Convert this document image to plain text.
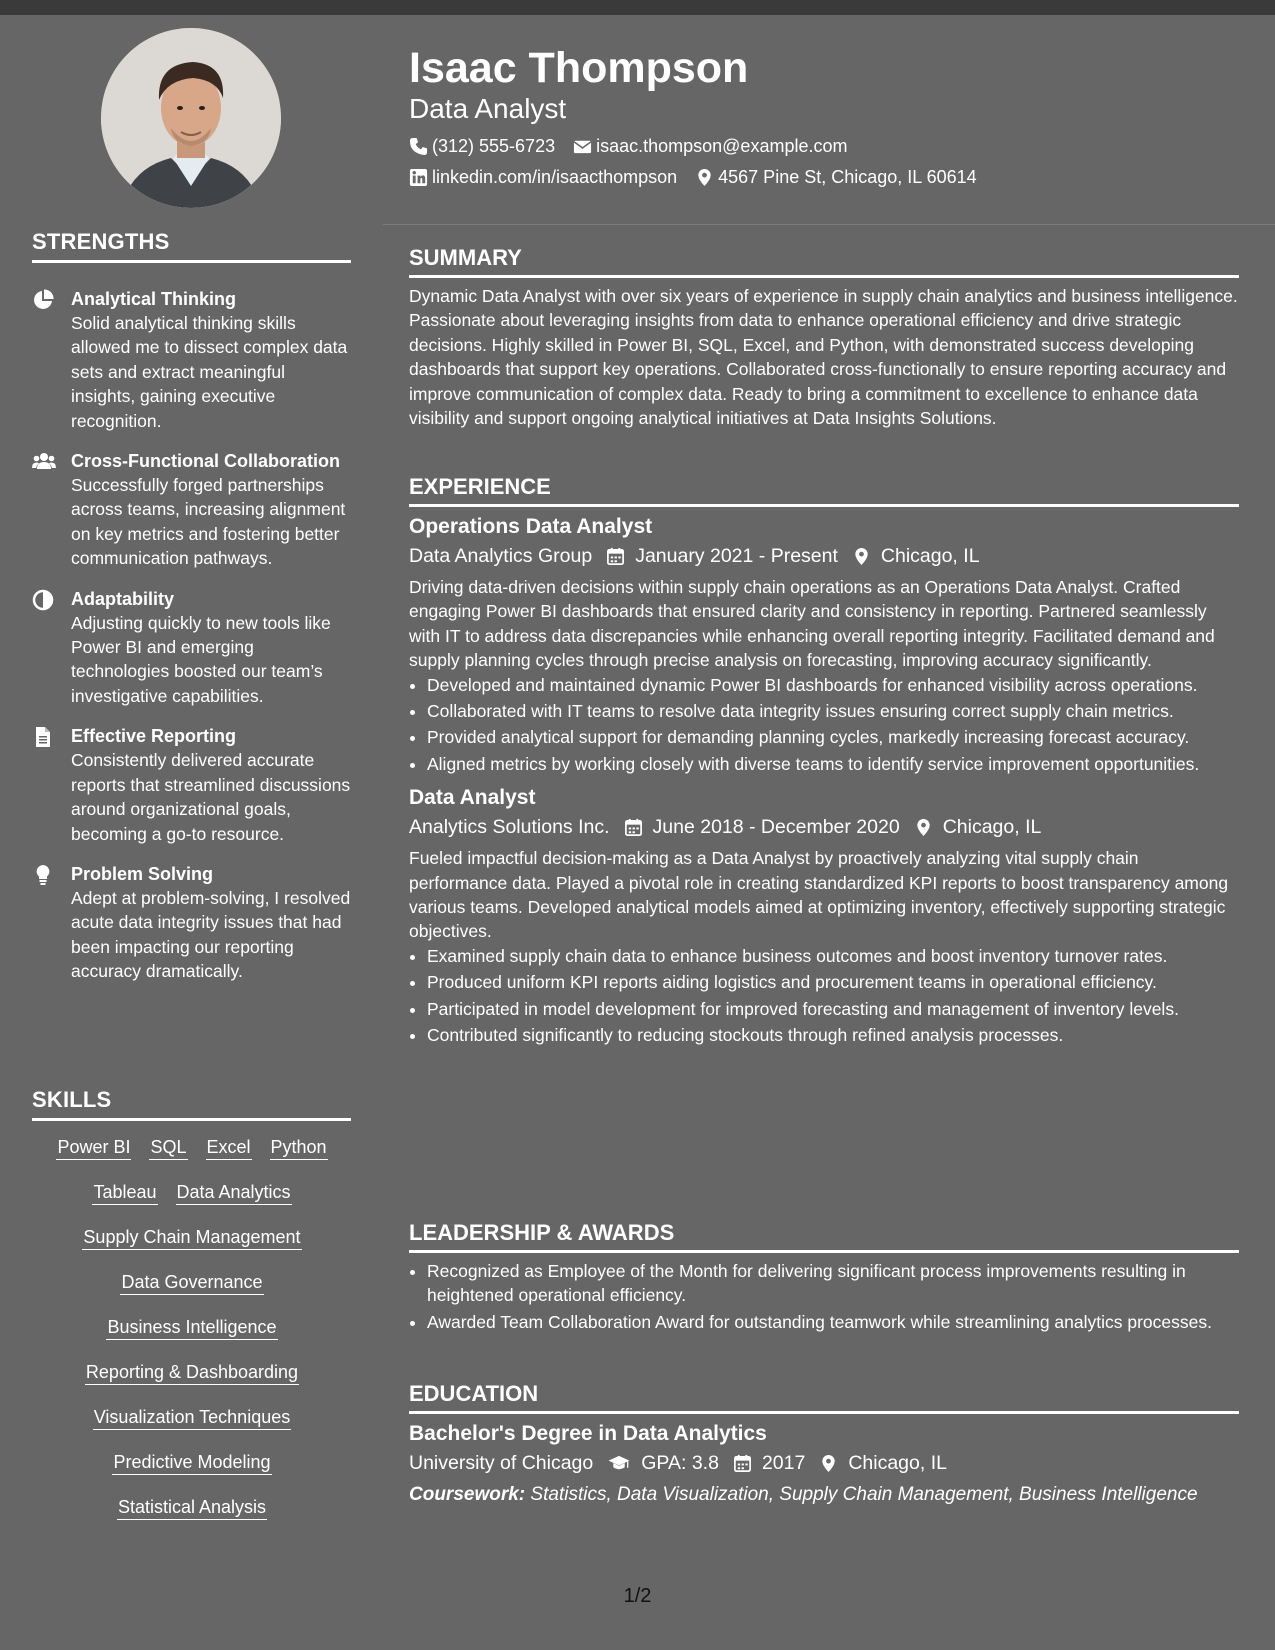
STRENGTHS
Analytical Thinking
Solid analytical thinking skills allowed me to dissect complex data sets and extract meaningful insights, gaining executive recognition.
Cross-Functional Collaboration
Successfully forged partnerships across teams, increasing alignment on key metrics and fostering better communication pathways.
Adaptability
Adjusting quickly to new tools like Power BI and emerging technologies boosted our team’s investigative capabilities.
Effective Reporting
Consistently delivered accurate reports that streamlined discussions around organizational goals, becoming a go-to resource.
Problem Solving
Adept at problem-solving, I resolved acute data integrity issues that had been impacting our reporting accuracy dramatically.
SKILLS
Power BI SQL Excel Python
Tableau Data Analytics
Supply Chain Management
Data Governance
Business Intelligence
Reporting & Dashboarding
Visualization Techniques
Predictive Modeling
Statistical Analysis
Isaac Thompson
Data Analyst
(312) 555-6723 isaac.thompson@example.com
linkedin.com/in/isaacthompson 4567 Pine St, Chicago, IL 60614
SUMMARY
Dynamic Data Analyst with over six years of experience in supply chain analytics and business intelligence. Passionate about leveraging insights from data to enhance operational efficiency and drive strategic decisions. Highly skilled in Power BI, SQL, Excel, and Python, with demonstrated success developing dashboards that support key operations. Collaborated cross-functionally to ensure reporting accuracy and improve communication of complex data. Ready to bring a commitment to excellence to enhance data visibility and support ongoing analytical initiatives at Data Insights Solutions.
EXPERIENCE
Operations Data Analyst
Data Analytics Group January 2021 - Present Chicago, IL
Driving data-driven decisions within supply chain operations as an Operations Data Analyst. Crafted engaging Power BI dashboards that ensured clarity and consistency in reporting. Partnered seamlessly with IT to address data discrepancies while enhancing overall reporting integrity. Facilitated demand and supply planning cycles through precise analysis on forecasting, improving accuracy significantly.
• Developed and maintained dynamic Power BI dashboards for enhanced visibility across operations.
• Collaborated with IT teams to resolve data integrity issues ensuring correct supply chain metrics.
• Provided analytical support for demanding planning cycles, markedly increasing forecast accuracy.
• Aligned metrics by working closely with diverse teams to identify service improvement opportunities.
Data Analyst
Analytics Solutions Inc. June 2018 - December 2020 Chicago, IL
Fueled impactful decision-making as a Data Analyst by proactively analyzing vital supply chain performance data. Played a pivotal role in creating standardized KPI reports to boost transparency among various teams. Developed analytical models aimed at optimizing inventory, effectively supporting strategic objectives.
• Examined supply chain data to enhance business outcomes and boost inventory turnover rates.
• Produced uniform KPI reports aiding logistics and procurement teams in operational efficiency.
• Participated in model development for improved forecasting and management of inventory levels.
• Contributed significantly to reducing stockouts through refined analysis processes.
LEADERSHIP & AWARDS
• Recognized as Employee of the Month for delivering significant process improvements resulting in heightened operational efficiency.
• Awarded Team Collaboration Award for outstanding teamwork while streamlining analytics processes.
EDUCATION
Bachelor's Degree in Data Analytics
University of Chicago GPA: 3.8 2017 Chicago, IL
Coursework: Statistics, Data Visualization, Supply Chain Management, Business Intelligence
1/2
